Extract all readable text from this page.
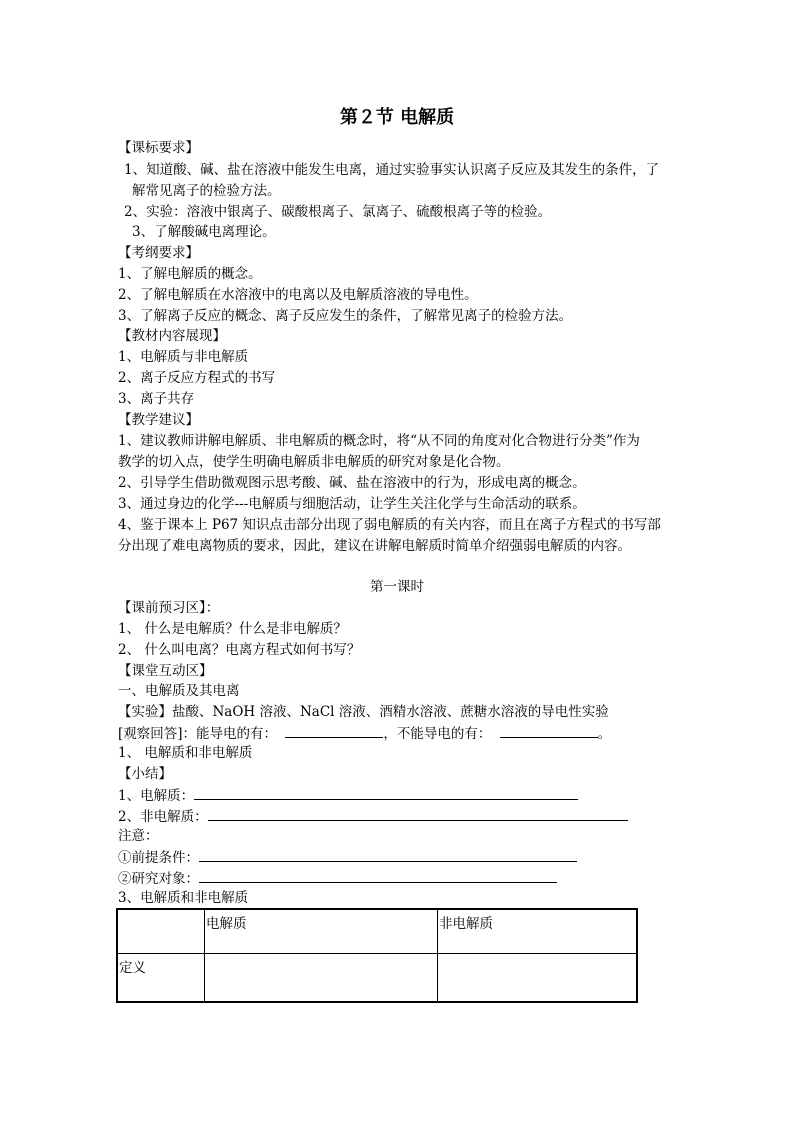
第２节 电解质
【课标要求】
1、知道酸、碱、盐在溶液中能发生电离，通过实验事实认识离子反应及其发生的条件，了
解常见离子的检验方法。
2、实验：溶液中银离子、碳酸根离子、氯离子、硫酸根离子等的检验。
3、了解酸碱电离理论。
【考纲要求】
1、了解电解质的概念。
2、了解电解质在水溶液中的电离以及电解质溶液的导电性。
3、了解离子反应的概念、离子反应发生的条件，了解常见离子的检验方法。
【教材内容展现】
1、电解质与非电解质
2、离子反应方程式的书写
3、离子共存
【教学建议】
1、建议教师讲解电解质、非电解质的概念时，将“从不同的角度对化合物进行分类”作为
教学的切入点，使学生明确电解质非电解质的研究对象是化合物。
2、引导学生借助微观图示思考酸、碱、盐在溶液中的行为，形成电离的概念。
3、通过身边的化学---电解质与细胞活动，让学生关注化学与生命活动的联系。
4、鉴于课本上 P67 知识点击部分出现了弱电解质的有关内容，而且在离子方程式的书写部
分出现了难电离物质的要求，因此，建议在讲解电解质时简单介绍强弱电解质的内容。
第一课时
【课前预习区】：
1、 什么是电解质？什么是非电解质？
2、 什么叫电离？电离方程式如何书写？
【课堂互动区】
一、电解质及其电离
【实验】盐酸、NaOH 溶液、NaCl 溶液、酒精水溶液、蔗糖水溶液的导电性实验
[观察回答]：能导电的有：	，不能导电的有：	。
1、 电解质和非电解质
【小结】
1、电解质：
2、非电解质：
注意：
①前提条件：
②研究对象：
3、电解质和非电解质
	电解质	非电解质
定义		
